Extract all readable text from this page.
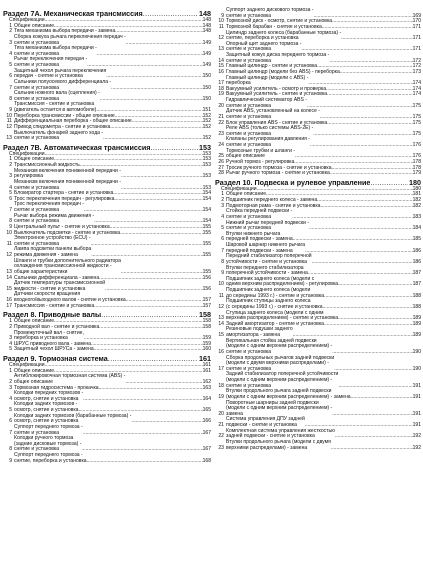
Раздел 7A. Механическая трансмиссия .....	148
Спецификации .....	148
1 Общее описание .....	148
2 Тяга механизма выбора передачи - замена .....	148
3
Сборка кожуха рычага переключения передач -
снятие и установка .....	149
4
Тяга механизма выбора передачи -
снятие и установка .....	149
5
Рычаг переключения передач -
снятие и установка .....	149
6
Защитный чехол рычага переключения
передач - снятие и установка .....	150
7
Сальники полуосевого дифференциала -
снятие и установка .....	150
8
Сальник ножного вала (сцепления) -
снятие и установка .....	150
9
Трансмиссия - снятие и установка
(двигатель остается в автомобиле) .....	151
10 Переборка трансмиссии - общие описание .....	152
11 Дифференциальная переборка - общее описание .....	152
12 Привод спидометра - снятие и установка .....	152
13
Выключатель фонарей заднего хода -
снятие и установка .....	152
Раздел 7B. Автоматическая трансмиссия .....	153
Спецификации .....	153
1 Общее описание .....	153
2 Трансмиссионный жидкость .....	153
3
Механизм включения пониженной передачи -
регулировка .....	153
4
Механизм включения пониженной передачи -
снятие и установка .....	153
5 Блокиратор стартера - снятие и установка .....	154
6 Трос переключения передач - регулировка .....	154
7
Трос переключения передач -
снятие и установка .....	154
8
Рычаг выбора режима движения -
снятие и установка .....	154
9 Центральный пульт - снятие и установка .....	155
10 Выключатель подсветки - снятие и установка .....	155
11
Электронное устройство (ECU) -
снятие и установка .....	155
12
Лампа подсветки панели выбора
режима движения - замена .....	155
13
Шланги и трубки дополнительного радиатора
охлаждения трансмиссионной жидкости -
общие характеристики .....	155
14 Сальники дифференциала - замена .....	156
15
Датчик температуры трансмиссионной
жидкости - снятие и установка .....	156
16
Датчики скорости вращения
входного/выходного валов - снятие и установка .....	157
17 Трансмиссия - снятие и установка .....	157
Раздел 8. Приводные валы .....	158
1 Общее описание .....	158
2 Приводной вал - снятие и установка .....	158
3
Промежуточный вал - снятие,
переборка и установка .....	159
4 ШРУС приводного вала - замена .....	159
5 Защитный чехол ШРУСа - замена .....	160
Раздел 9. Тормозная система .....	161
Спецификации .....	161
1 Общее описание .....	161
2
Антиблокировочная тормозная система (ABS) -
общее описание .....	162
3 Тормозная гидросистема - прокачка .....	163
4
Колодки передних тормозов -
осмотр, снятие и установка .....	164
5
Колодки задних тормозов -
осмотр, снятие и установка .....	165
6
Колодки задних тормозов (барабанные тормоза) -
осмотр, снятие и установка .....	166
7
Суппорт переднего тормоза -
снятие и установка .....	167
8
Колодки ручного тормоза
(задние дисковые тормоза) -
снятие и установка .....	167
9
Суппорт переднего тормоза -
снятие, переборка и установка .....	168
9
Суппорт заднего дискового тормоза -
снятие и установка .....	169
10 Тормозной диск - осмотр, снятие и установка .....	170
11 Тормозной барабан - снятие и установка .....	171
12
Цилиндр заднего колеса (барабанные тормоза) -
снятие, переборка и установка .....	171
13
Опорный щит заднего тормоза -
снятие и установка .....	171
14
Защитный кожух диска переднего тормоза -
снятие и установка .....	172
15 Главный цилиндр - снятие и установка .....	172
16 Главный цилиндр (модели без ABS) - переборка .....	173
17
Главный цилиндр (модели с ABS) -
переборка .....	174
18 Вакуумный усилитель - осмотр и проверка .....	174
19 Вакуумный усилитель - снятие и установка .....	174
20
Гидравлический cистематор ABS -
снятие и установка .....	175
21
Датчик ABS, установленный на колесе -
снятие и установка .....	175
22 Блок управления ABS - снятие и установка .....	175
23
Реле ABS (только системы ABS-2E) -
снятие и установка .....	175
24
Клапаны регулирования давления -
снятие и установка .....	176
25
Тормозные трубки и шланги -
общее описание .....	176
26 Ручной тормоз - регулировка .....	178
27 Тросик ручного тормоза - снятие и установка .....	178
28 Рычаг ручного тормоза - снятие и установка .....	179
Раздел 10. Подвеска и рулевое управление .....	180
Спецификации .....	180
1 Общее описание .....	181
2 Подшипник переднего колеса - замена .....	182
3 Подмоторная рама - снятие и установка .....	182
4
Стойка передней подвески -
снятие и установка .....	183
5
Нижний рычаг передней подвески -
снятие и установка .....	184
6
Втулки нижнего рычага
передней подвески - замена .....	185
7
Шаровой шарнир нижнего рычага
передней подвески - замена .....	186
8
Передний стабилизатор поперечной
устойчивости - снятие и установка .....	186
9
Втулки переднего стабилизатора
поперечной устойчивости - замена .....	187
10
Подшипник заднего колеса (модели с
одним верхним распределением) - регулировка .....	187
11
Подшипник заднего колеса (модели
до середины 1993 г.) - снятие и установка .....	188
12
Подшипник ступицы заднего колеса
(с середины 1993 г.) - снятие и установка .....	188
13
Ступица заднего колеса (модели с одним
верхним распределением) - снятие и установка .....	189
14 Задний амортизатор - снятие и установка .....	189
15
Резиновые подушки заднего
амортизатора - замена .....	189
16
Вертикальная стойка задней подвески
(модели с одним верхним распределением) -
снятие и установка .....	190
17
Сборка продольных рычагов задней подвески
(модели с двумя верхними распределами) -
снятие и установка .....	190
18
Задний стабилизатор поперечной устойчивости
(модели с одним верхним распределением) -
снятие и установка .....	191
19
Втулки продольного рычага задней подвески
(модели с одним верхним распределением) - замена .....	191
20
Поворотные шарниры задней подвески
(модели с одним верхним распределением) -
замена .....	191
21
Система управления ДПУ задней
подвески - снятие и установка .....	191
22
Комплектная система управления жесткостью
задней подвески - снятие и установка .....	192
23
Втулки продольного рычага (модели с двумя
верхними распределами) - замена .....	192
